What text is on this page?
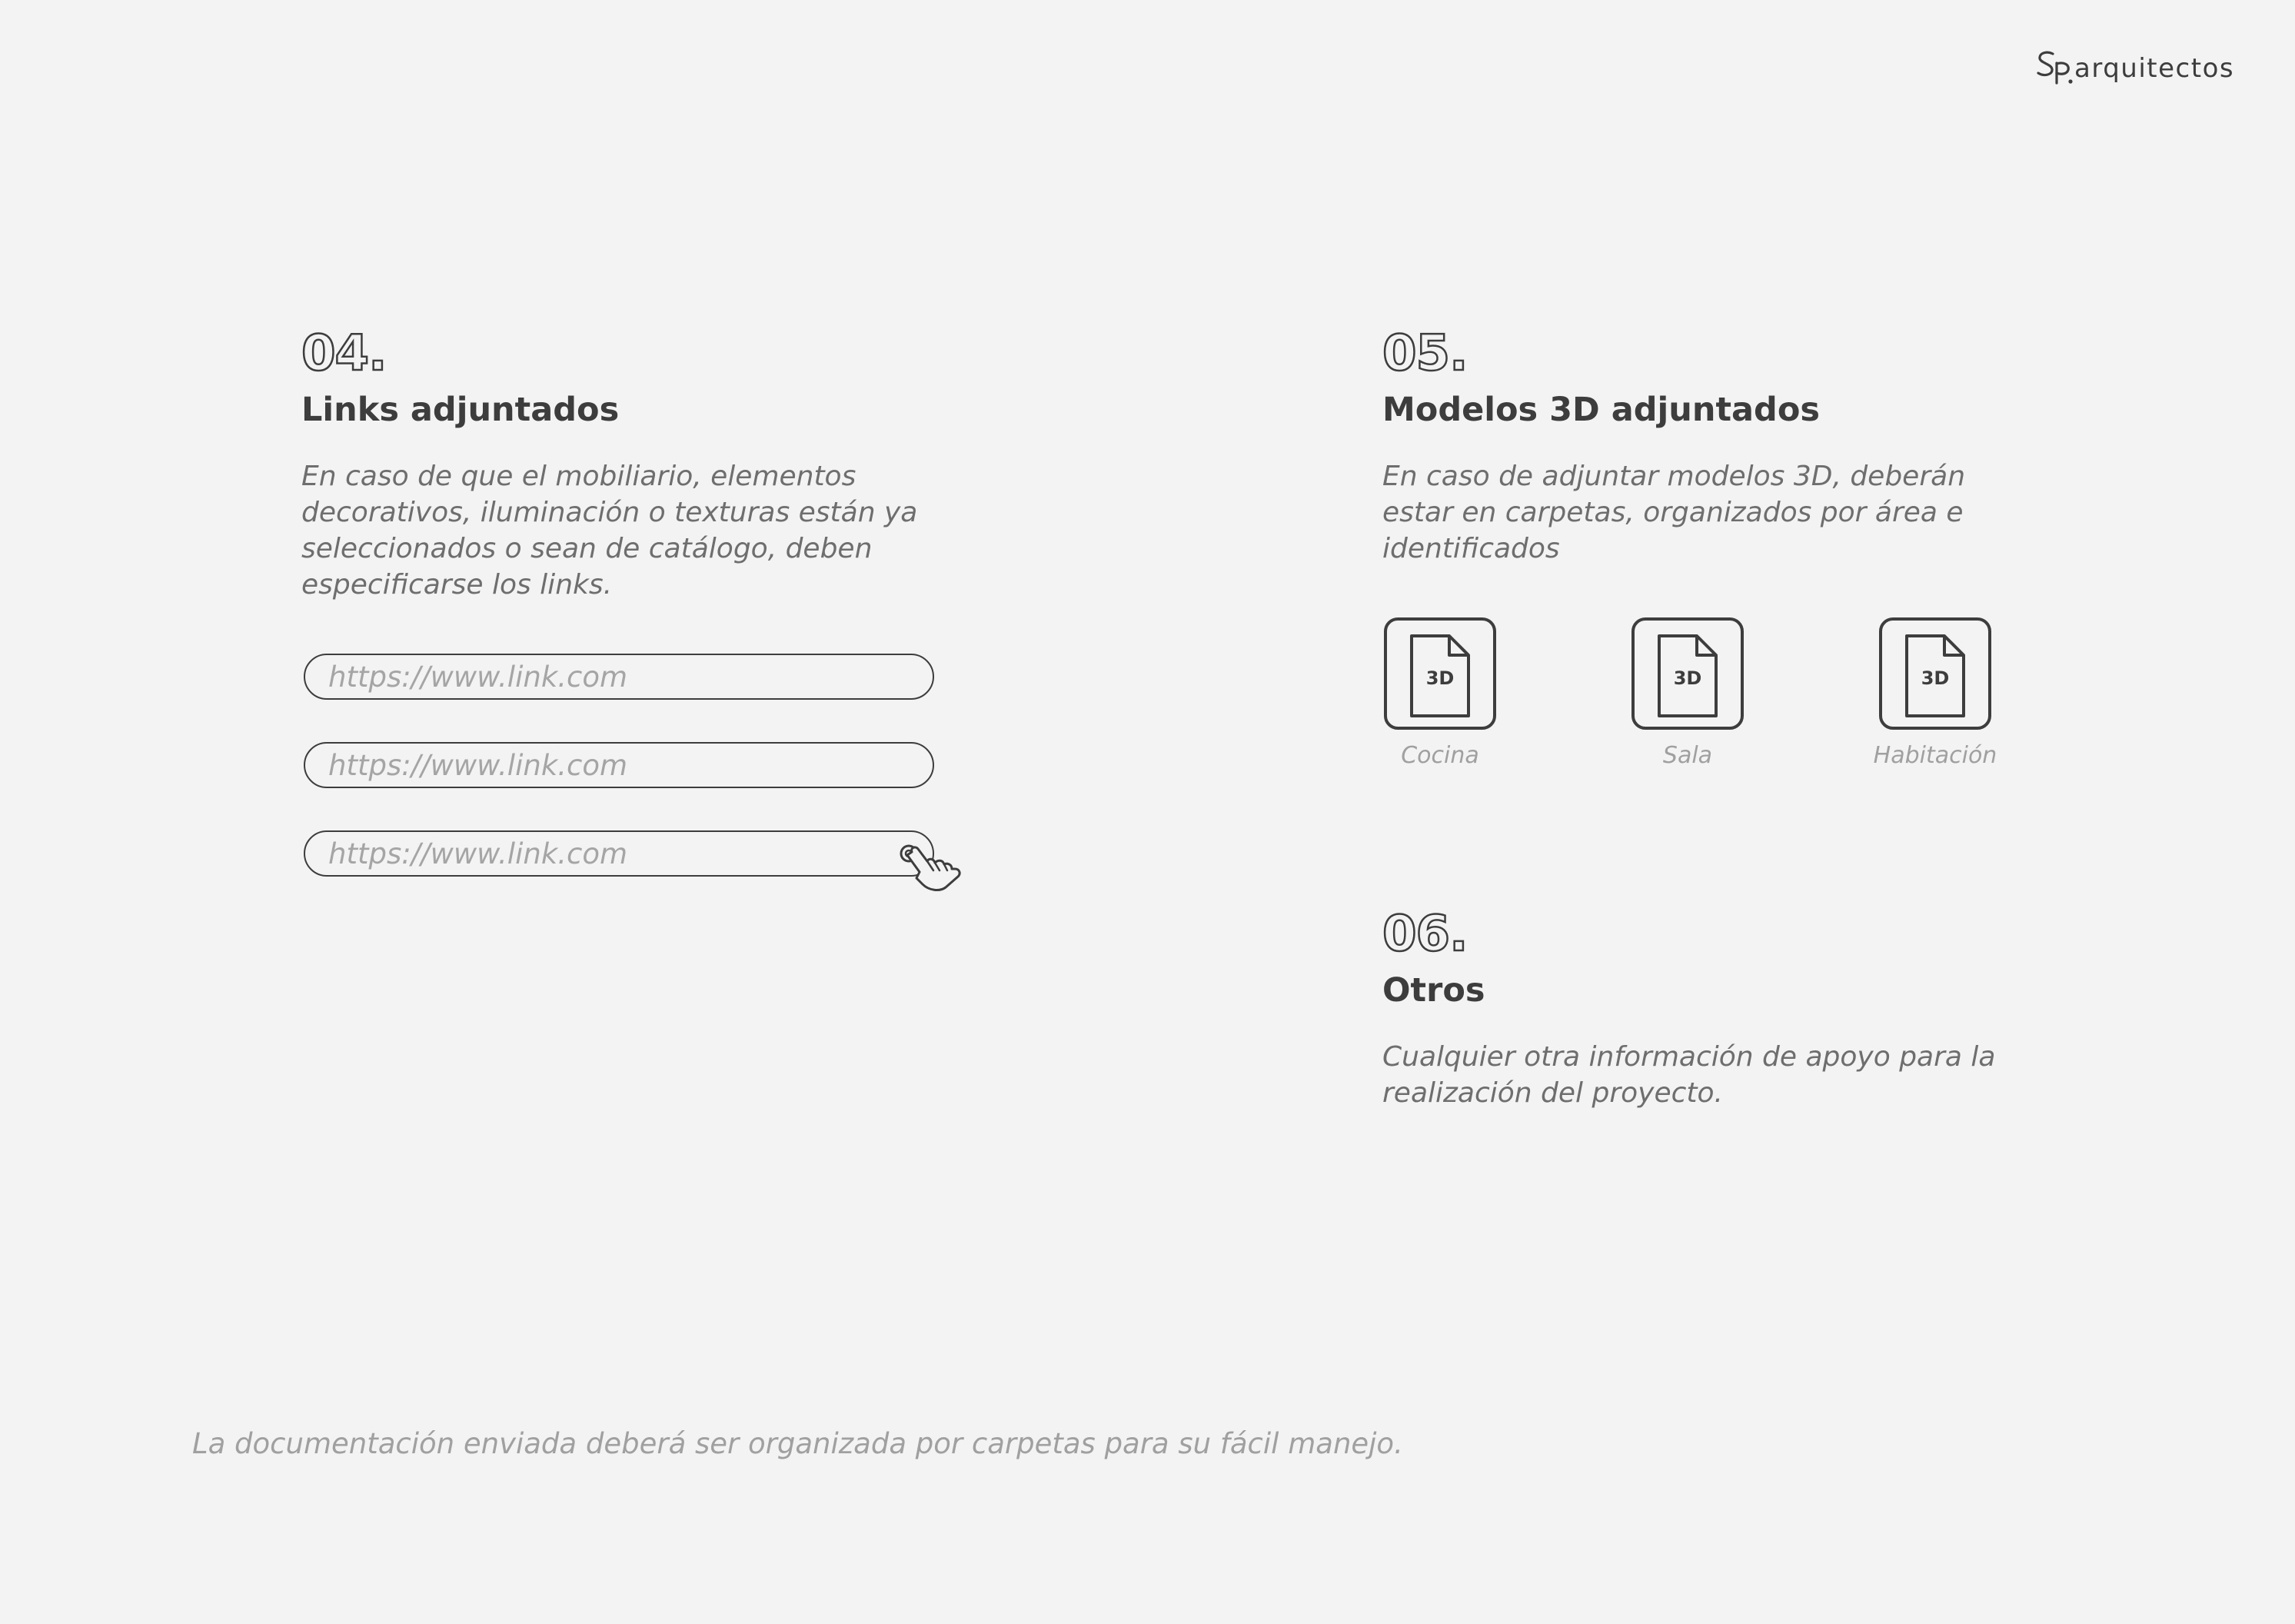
arquitectos
04.
Links adjuntados
En caso de que el mobiliario, elementos decorativos, iluminación o texturas están ya seleccionados o sean de catálogo, deben especificarse los links.
https://www.link.com
https://www.link.com
https://www.link.com
05.
Modelos 3D adjuntados
En caso de adjuntar modelos 3D, deberán estar en carpetas, organizados por área e identificados
3D
Cocina
3D
Sala
3D
Habitación
06.
Otros
Cualquier otra información de apoyo para la realización del proyecto.
La documentación enviada deberá ser organizada por carpetas para su fácil manejo.
